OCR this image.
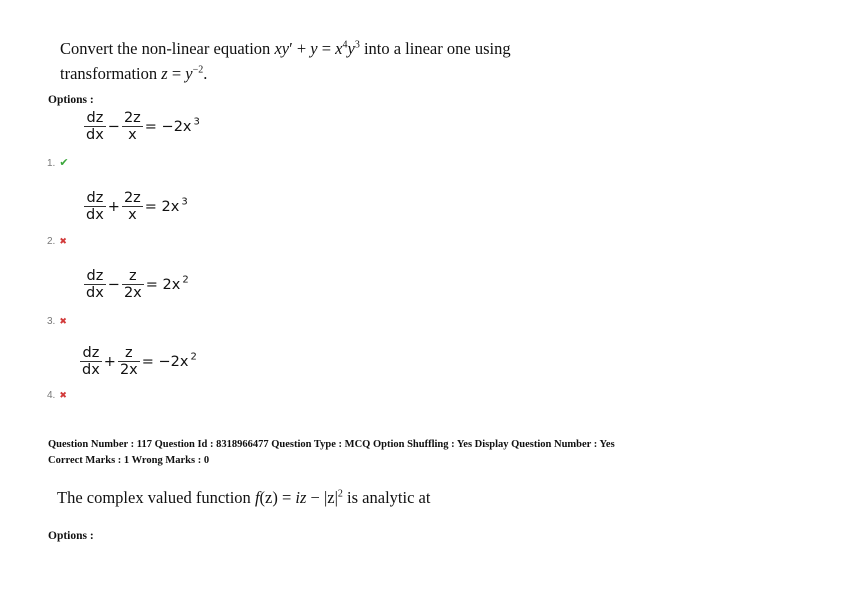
Convert the non-linear equation $xy' + y = x^4y^3$ into a linear one using
transformation $z = y^{-2}$.
Options :
$\frac{dz}{dx} - \frac{2z}{x} = -2x$ $^3$
1. ✔
$\frac{dz}{dx} + \frac{2z}{x} = 2x$ $^3$
2. ✖
$\frac{dz}{dx} - \frac{z}{2x} = 2x$ $^2$
3. ✖
$\frac{dz}{dx} + \frac{z}{2x} = -2x$ $^2$
4. ✖
Question Number : 117 Question Id : 8318966477 Question Type : MCQ Option Shuffling : Yes Display Question Number : Yes
Correct Marks : 1 Wrong Marks : 0
The complex valued function f(z) = iz − $|z|^2$ is analytic at
Options :
